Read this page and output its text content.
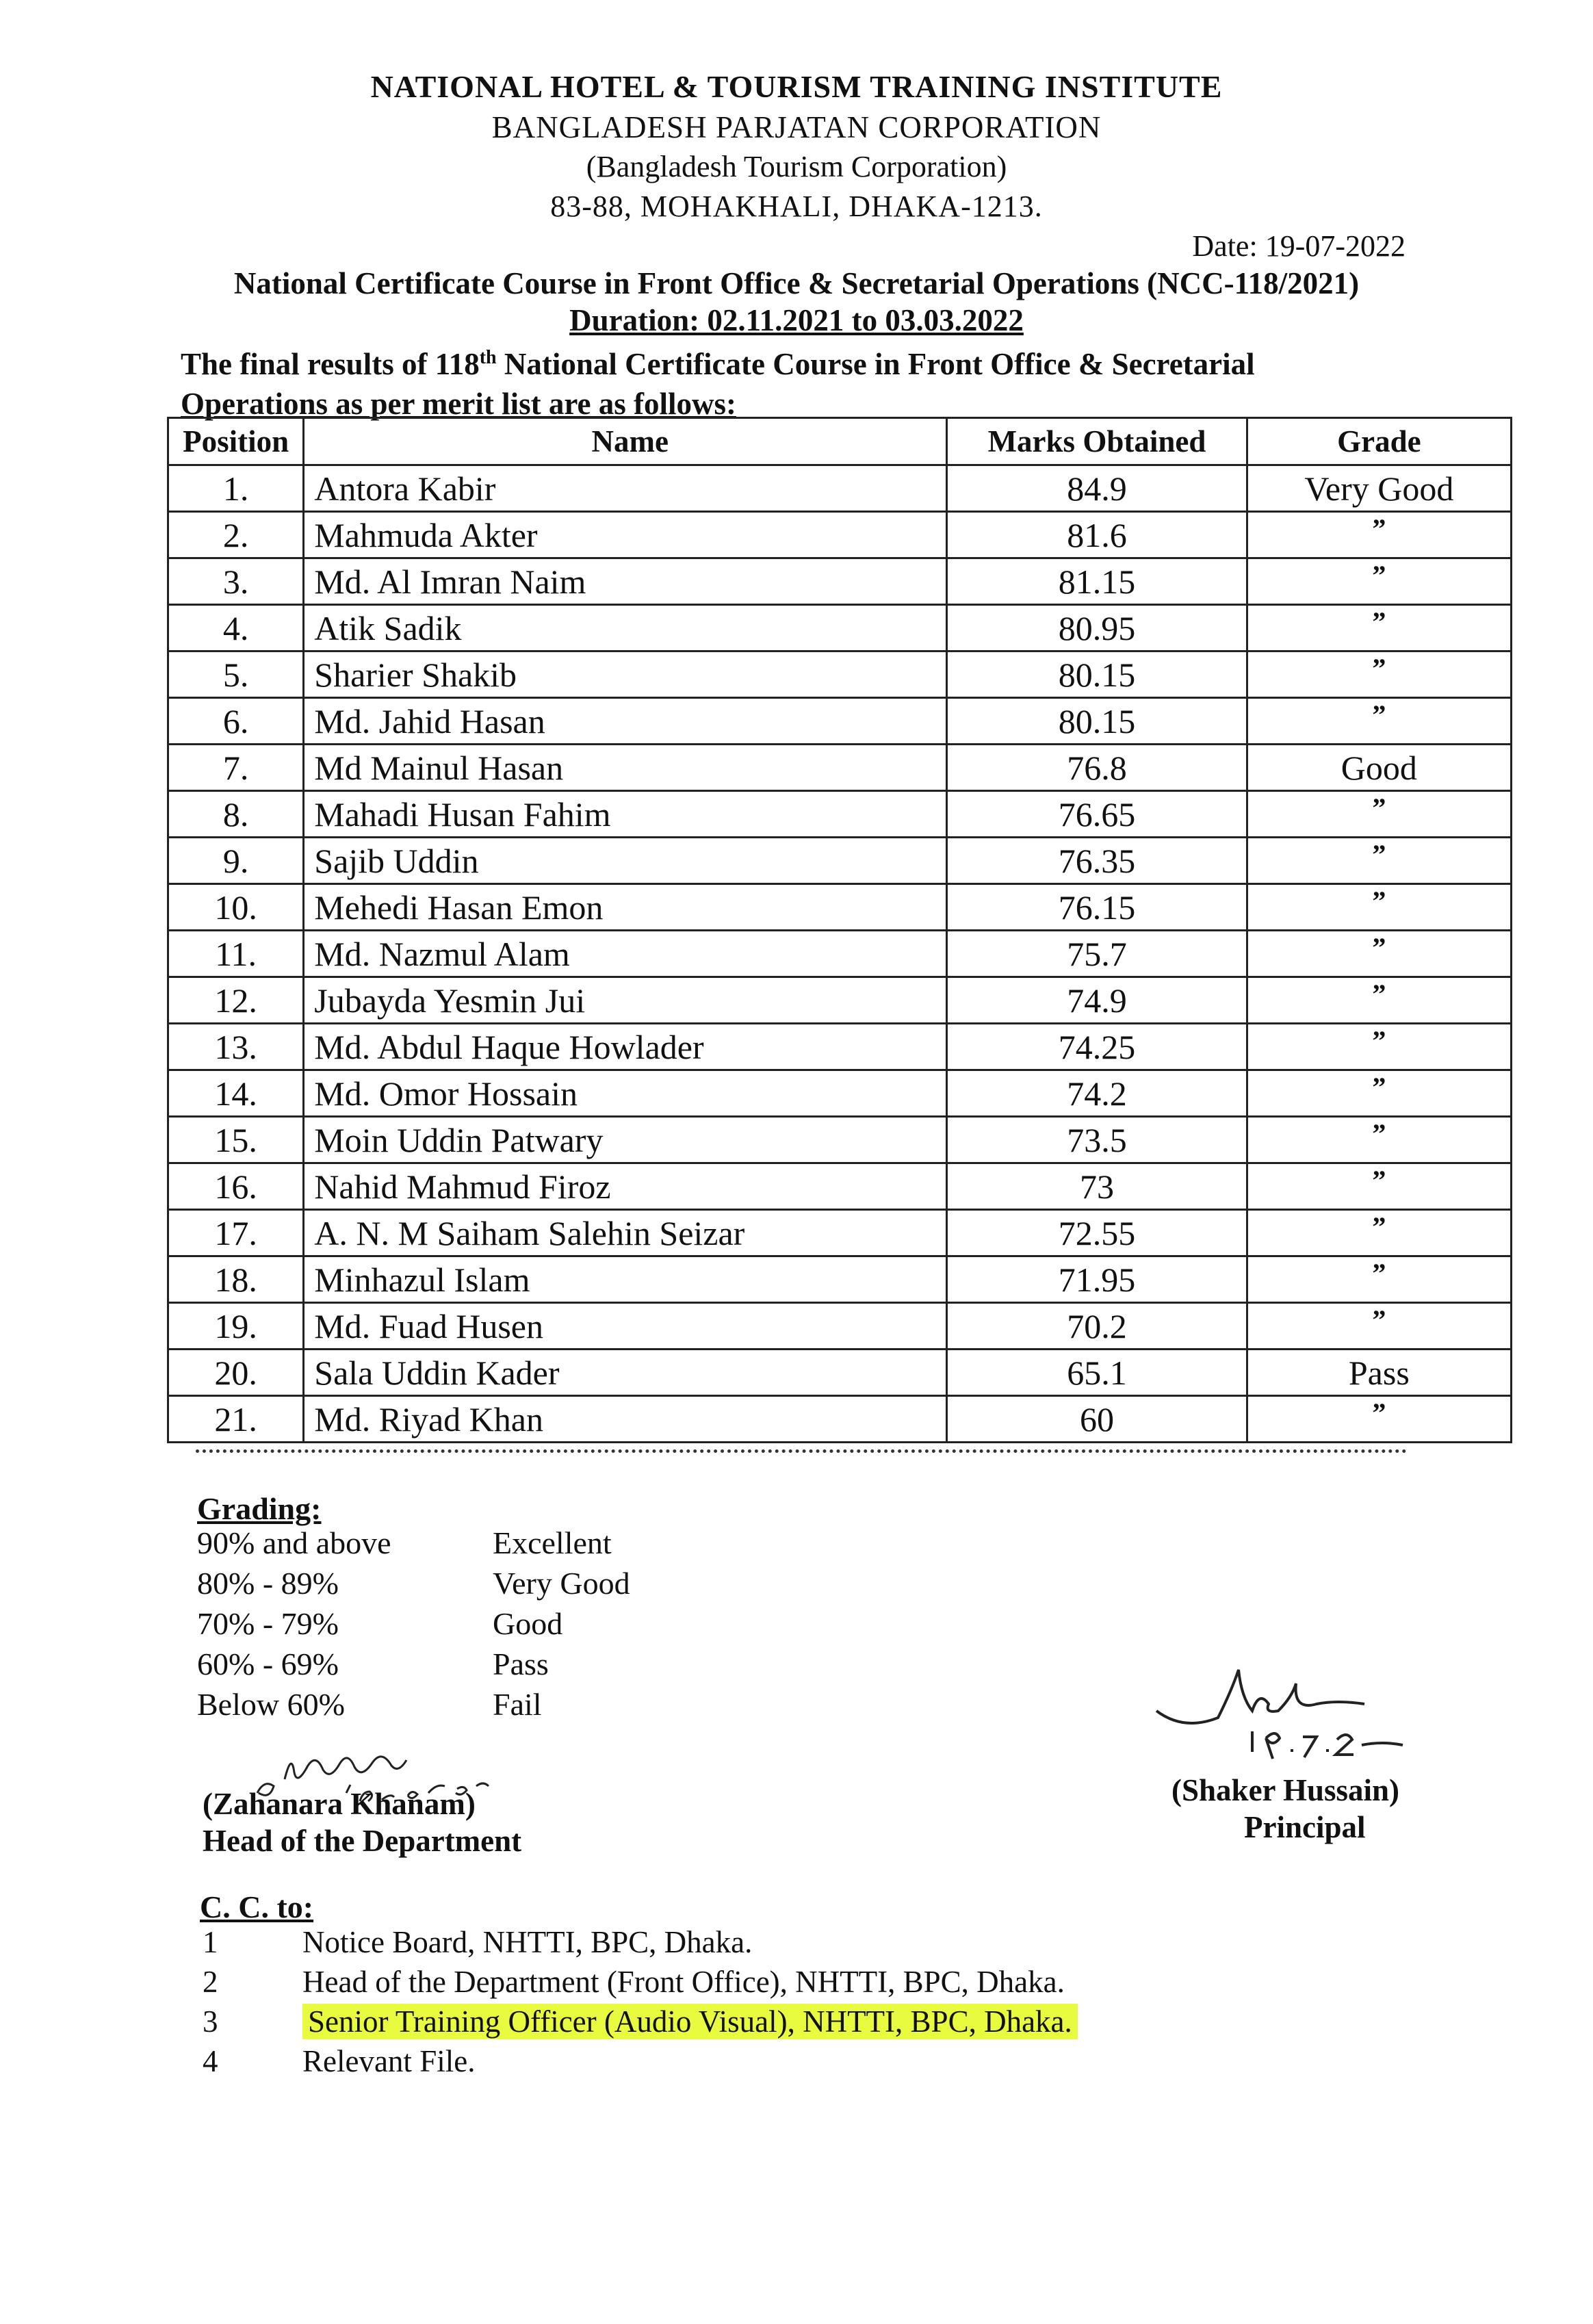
NATIONAL HOTEL & TOURISM TRAINING INSTITUTE
BANGLADESH PARJATAN CORPORATION
(Bangladesh Tourism Corporation)
83-88, MOHAKHALI, DHAKA-1213.
Date: 19-07-2022
National Certificate Course in Front Office & Secretarial Operations (NCC-118/2021)
Duration: 02.11.2021 to 03.03.2022
The final results of 118th National Certificate Course in Front Office & Secretarial
Operations as per merit list are as follows:
Position	Name	Marks Obtained	Grade
1.	Antora Kabir	84.9	Very Good
2.	Mahmuda Akter	81.6	”
3.	Md. Al Imran Naim	81.15	”
4.	Atik Sadik	80.95	”
5.	Sharier Shakib	80.15	”
6.	Md. Jahid Hasan	80.15	”
7.	Md Mainul Hasan	76.8	Good
8.	Mahadi Husan Fahim	76.65	”
9.	Sajib Uddin	76.35	”
10.	Mehedi Hasan Emon	76.15	”
11.	Md. Nazmul Alam	75.7	”
12.	Jubayda Yesmin Jui	74.9	”
13.	Md. Abdul Haque Howlader	74.25	”
14.	Md. Omor Hossain	74.2	”
15.	Moin Uddin Patwary	73.5	”
16.	Nahid Mahmud Firoz	73	”
17.	A. N. M Saiham Salehin Seizar	72.55	”
18.	Minhazul Islam	71.95	”
19.	Md. Fuad Husen	70.2	”
20.	Sala Uddin Kader	65.1	Pass
21.	Md. Riyad Khan	60	”
Grading:
90% and above	Excellent
80% - 89%	Very Good
70% - 79%	Good
60% - 69%	Pass
Below 60%	Fail
(Zahanara Khanam)
Head of the Department
(Shaker Hussain)
Principal
C. C. to:
1	Notice Board, NHTTI, BPC, Dhaka.
2	Head of the Department (Front Office), NHTTI, BPC, Dhaka.
3	Senior Training Officer (Audio Visual), NHTTI, BPC, Dhaka.
4	Relevant File.
